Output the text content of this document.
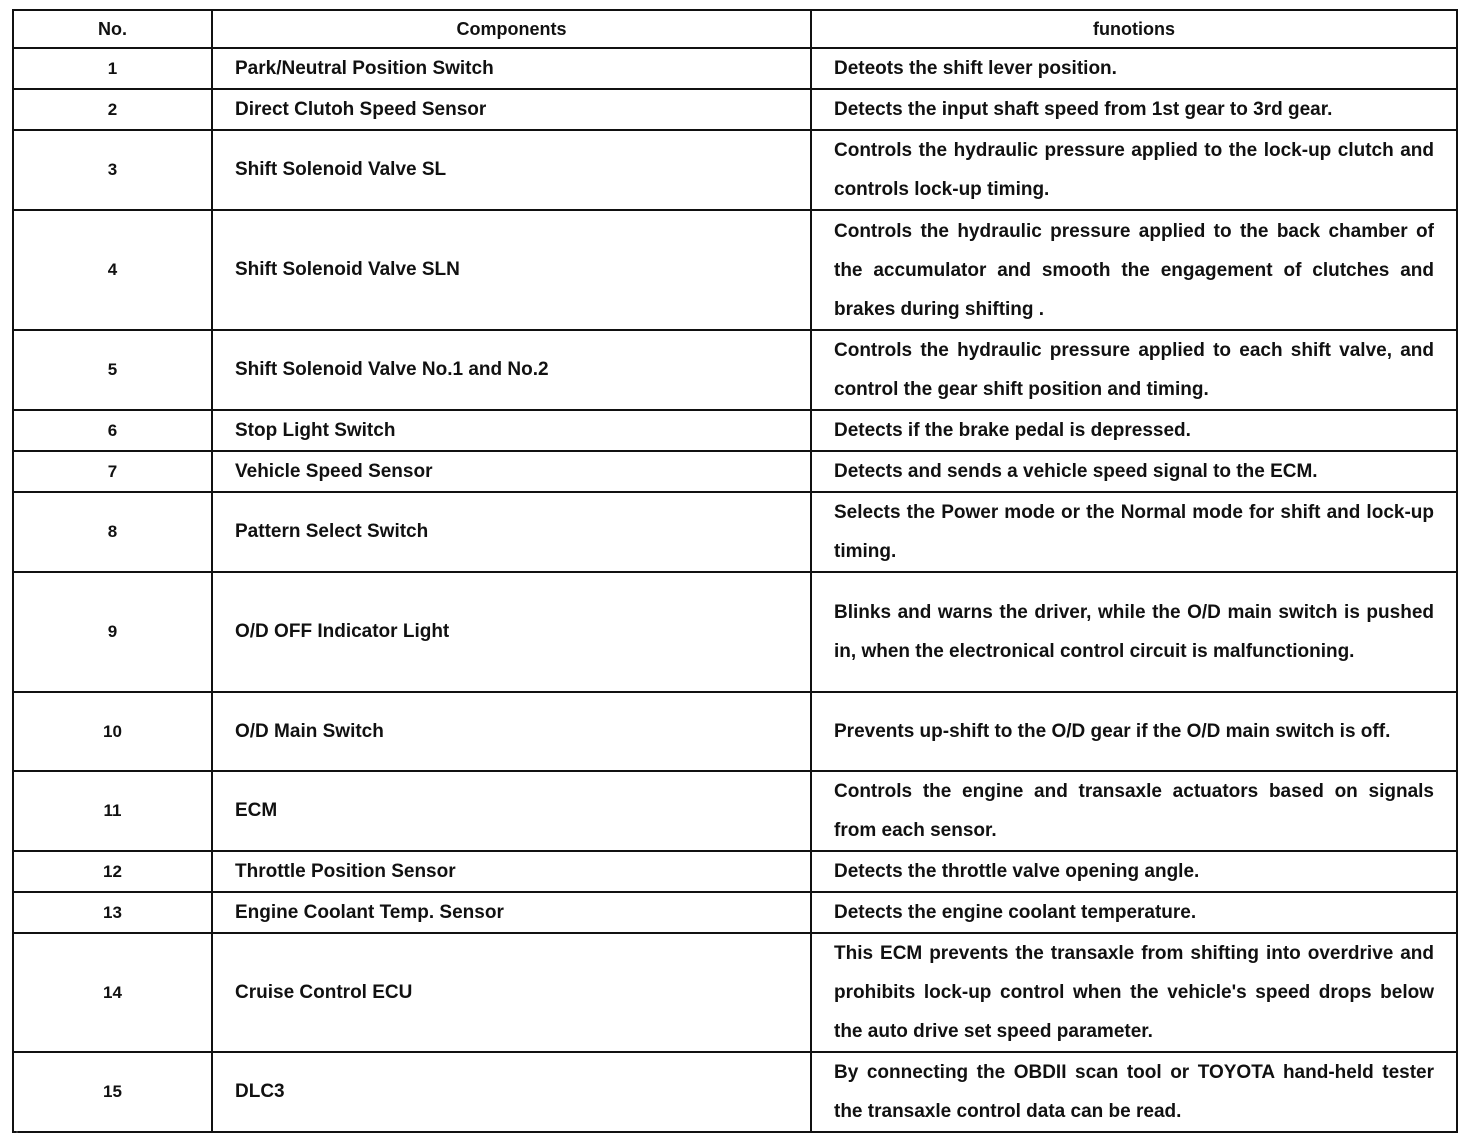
No.	Components	funotions
1	Park/Neutral Position Switch	Deteots the shift lever position.
2	Direct Clutoh Speed Sensor	Detects the input shaft speed from 1st gear to 3rd gear.
3	Shift Solenoid Valve SL	Controls the hydraulic pressure applied to the lock-up clutch and controls lock-up timing.
4	Shift Solenoid Valve SLN	Controls the hydraulic pressure applied to the back chamber of the accumulator and smooth the engagement of clutches and brakes during shifting .
5	Shift Solenoid Valve No.1 and No.2	Controls the hydraulic pressure applied to each shift valve, and control the gear shift position and timing.
6	Stop Light Switch	Detects if the brake pedal is depressed.
7	Vehicle Speed Sensor	Detects and sends a vehicle speed signal to the ECM.
8	Pattern Select Switch	Selects the Power mode or the Normal mode for shift and lock-up timing.
9	O/D OFF Indicator Light	Blinks and warns the driver, while the O/D main switch is pushed in, when the electronical control circuit is malfunctioning.
10	O/D Main Switch	Prevents up-shift to the O/D gear if the O/D main switch is off.
11	ECM	Controls the engine and transaxle actuators based on signals from each sensor.
12	Throttle Position Sensor	Detects the throttle valve opening angle.
13	Engine Coolant Temp. Sensor	Detects the engine coolant temperature.
14	Cruise Control ECU	This ECM prevents the transaxle from shifting into overdrive and prohibits lock-up control when the vehicle's speed drops below the auto drive set speed parameter.
15	DLC3	By connecting the OBDII scan tool or TOYOTA hand-held tester the transaxle control data can be read.
